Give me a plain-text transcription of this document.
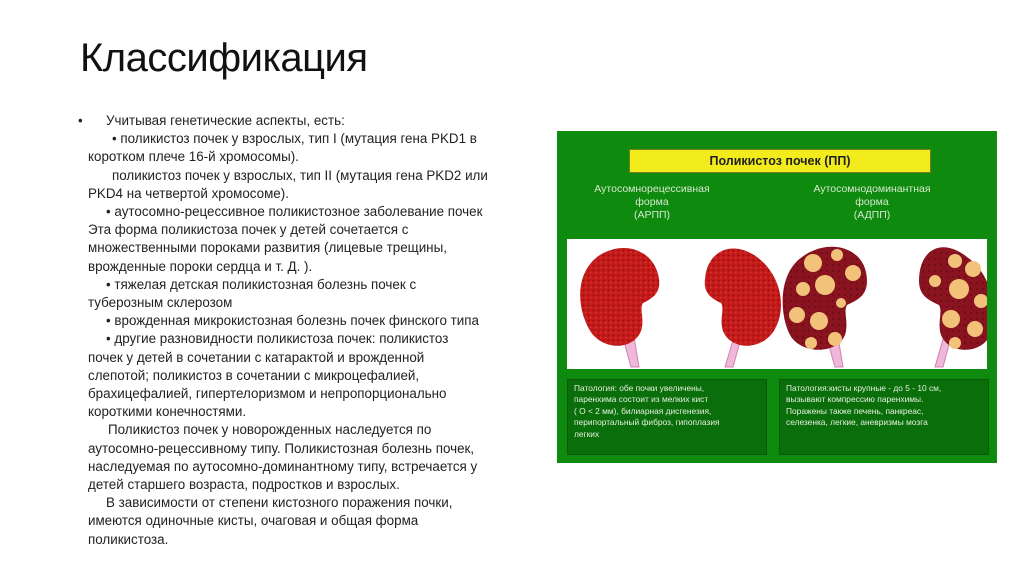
Классификация
•	Учитывая генетические аспекты, есть:
• поликистоз почек у взрослых, тип I (мутация гена PKD1 в
коротком плече 16-й хромосомы).
поликистоз почек у взрослых, тип II (мутация гена PKD2 или
PKD4 на четвертой хромосоме).
• аутосомно-рецессивное поликистозное заболевание почек
Эта форма поликистоза почек у детей сочетается с
множественными пороками развития (лицевые трещины,
врожденные пороки сердца и т. Д. ).
• тяжелая детская поликистозная болезнь почек с
туберозным склерозом
• врожденная микрокистозная болезнь почек финского типа
• другие разновидности поликистоза почек: поликистоз
почек у детей в сочетании с катарактой и врожденной
слепотой; поликистоз в сочетании с микроцефалией,
брахицефалией, гипертелоризмом и непропорционально
короткими конечностями.
Поликистоз почек у новорожденных наследуется по
аутосомно-рецессивному типу. Поликистозная болезнь почек,
наследуемая по аутосомно-доминантному типу, встречается у
детей старшего возраста, подростков и взрослых.
В зависимости от степени кистозного поражения почки,
имеются одиночные кисты, очаговая и общая форма
поликистоза.
Поликистоз почек (ПП)
Аутосомнорецессивная
форма
(АРПП)
Аутосомнодоминантная
форма
(АДПП)
Патология: обе почки увеличены,
паренхима состоит из мелких кист
( О < 2 мм), билиарная дисгенезия,
перипортальный фиброз, гипоплазия
легких
Патология:кисты крупные - до 5 - 10 см,
вызывают компрессию паренхимы.
Поражены также печень, панкреас,
селезенка, легкие, аневризмы мозга
